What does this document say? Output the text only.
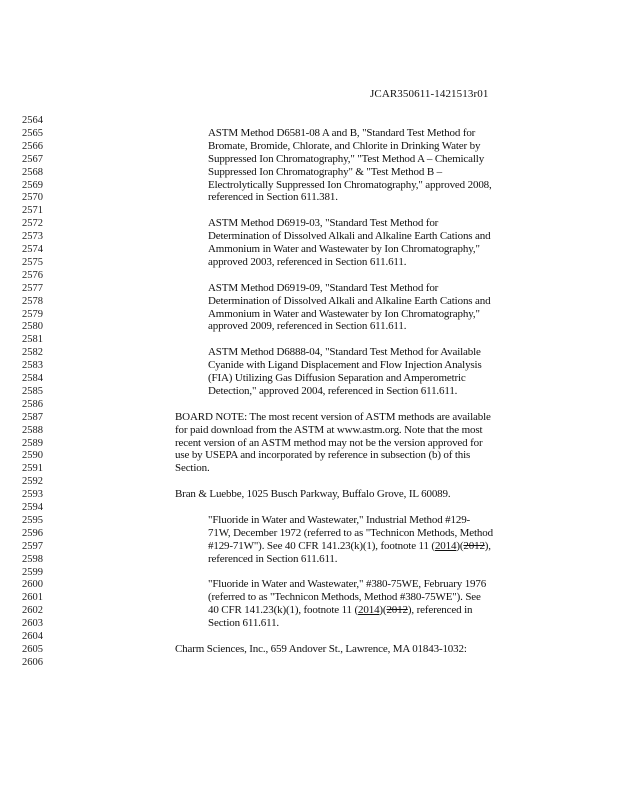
JCAR350611-1421513r01
2564
2565	ASTM Method D6581-08 A and B, "Standard Test Method for
2566	Bromate, Bromide, Chlorate, and Chlorite in Drinking Water by
2567	Suppressed Ion Chromatography," "Test Method A – Chemically
2568	Suppressed Ion Chromatography" & "Test Method B –
2569	Electrolytically Suppressed Ion Chromatography," approved 2008,
2570	referenced in Section 611.381.
2571
2572	ASTM Method D6919-03, "Standard Test Method for
2573	Determination of Dissolved Alkali and Alkaline Earth Cations and
2574	Ammonium in Water and Wastewater by Ion Chromatography,"
2575	approved 2003, referenced in Section 611.611.
2576
2577	ASTM Method D6919-09, "Standard Test Method for
2578	Determination of Dissolved Alkali and Alkaline Earth Cations and
2579	Ammonium in Water and Wastewater by Ion Chromatography,"
2580	approved 2009, referenced in Section 611.611.
2581
2582	ASTM Method D6888-04, "Standard Test Method for Available
2583	Cyanide with Ligand Displacement and Flow Injection Analysis
2584	(FIA) Utilizing Gas Diffusion Separation and Amperometric
2585	Detection," approved 2004, referenced in Section 611.611.
2586
2587	BOARD NOTE: The most recent version of ASTM methods are available
2588	for paid download from the ASTM at www.astm.org. Note that the most
2589	recent version of an ASTM method may not be the version approved for
2590	use by USEPA and incorporated by reference in subsection (b) of this
2591	Section.
2592
2593	Bran & Luebbe, 1025 Busch Parkway, Buffalo Grove, IL 60089.
2594
2595	"Fluoride in Water and Wastewater," Industrial Method #129-
2596	71W, December 1972 (referred to as "Technicon Methods, Method
2597	#129-71W"). See 40 CFR 141.23(k)(1), footnote 11 (2014)(2012),
2598	referenced in Section 611.611.
2599
2600	"Fluoride in Water and Wastewater," #380-75WE, February 1976
2601	(referred to as "Technicon Methods, Method #380-75WE"). See
2602	40 CFR 141.23(k)(1), footnote 11 (2014)(2012), referenced in
2603	Section 611.611.
2604
2605	Charm Sciences, Inc., 659 Andover St., Lawrence, MA 01843-1032:
2606
